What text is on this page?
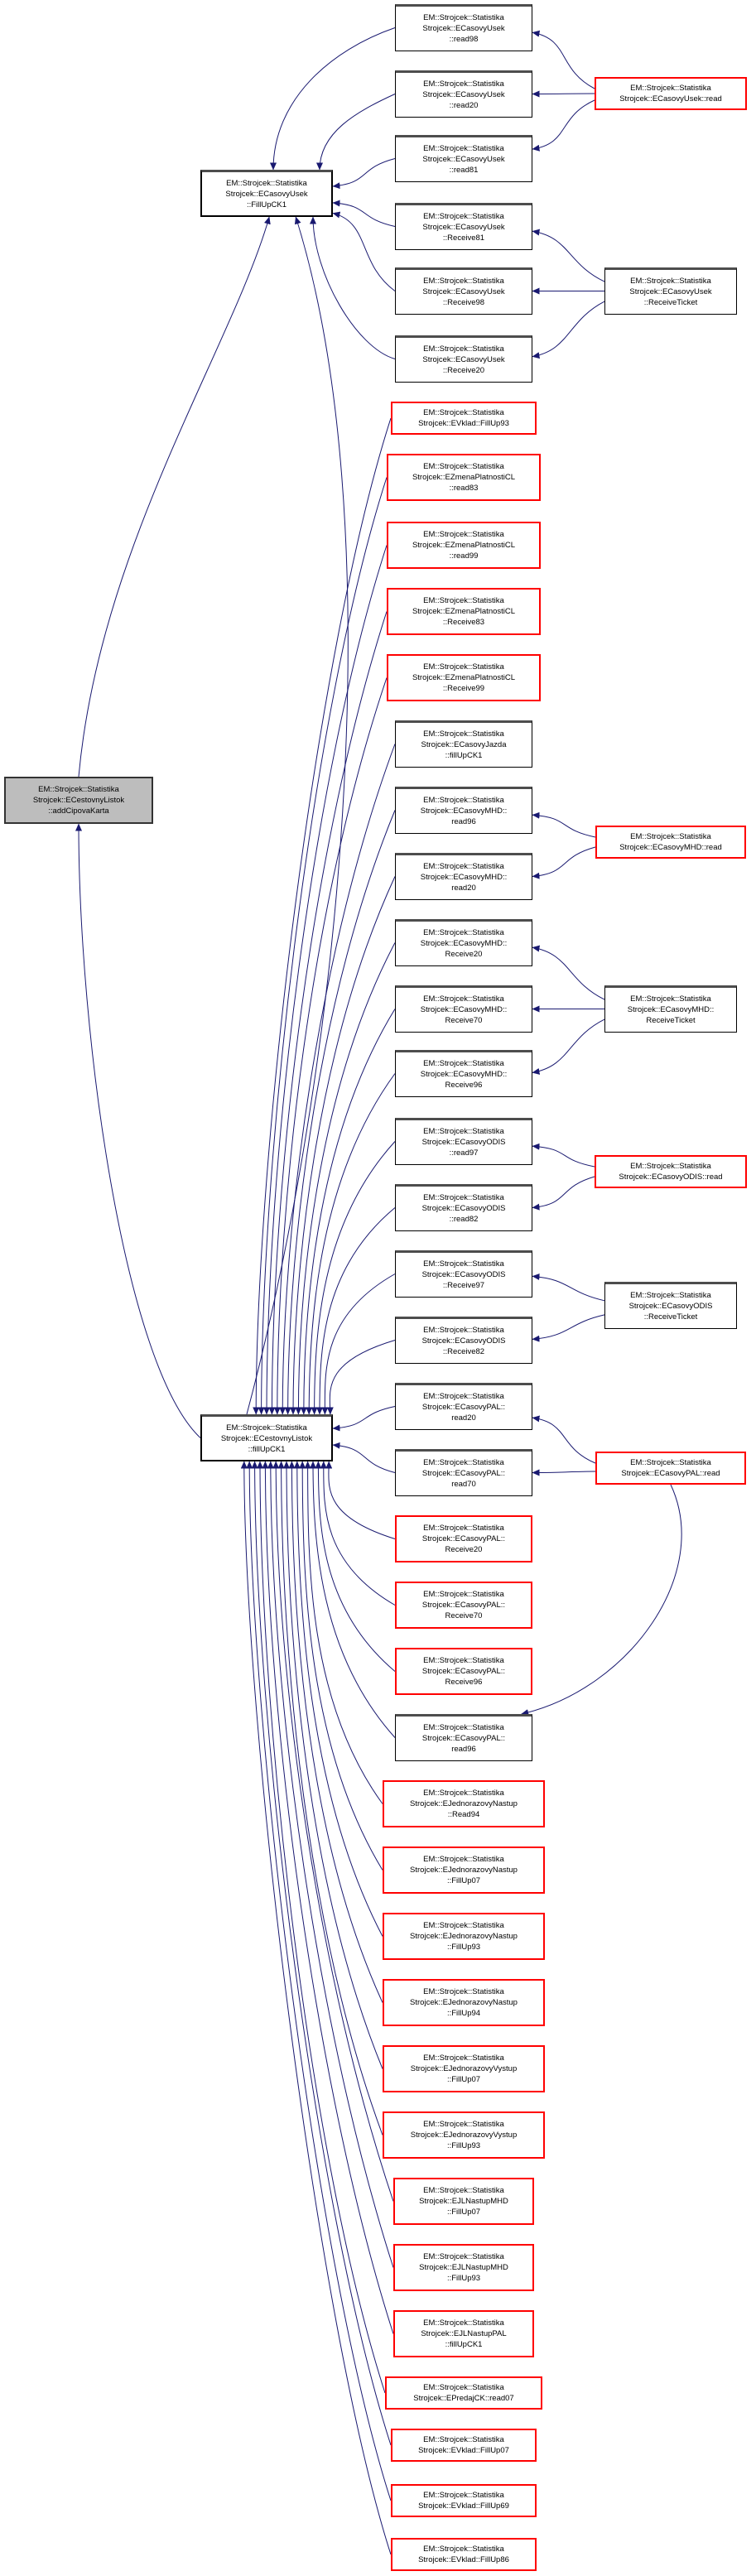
EM::Strojcek::Statistika
Strojcek::ECestovnyListok
::addCipovaKarta
EM::Strojcek::Statistika
Strojcek::ECasovyUsek
::FillUpCK1
EM::Strojcek::Statistika
Strojcek::ECestovnyListok
::fillUpCK1
EM::Strojcek::Statistika
Strojcek::ECasovyUsek
::read98
EM::Strojcek::Statistika
Strojcek::ECasovyUsek
::read20
EM::Strojcek::Statistika
Strojcek::ECasovyUsek
::read81
EM::Strojcek::Statistika
Strojcek::ECasovyUsek
::Receive81
EM::Strojcek::Statistika
Strojcek::ECasovyUsek
::Receive98
EM::Strojcek::Statistika
Strojcek::ECasovyUsek
::Receive20
EM::Strojcek::Statistika
Strojcek::EVklad::FillUp93
EM::Strojcek::Statistika
Strojcek::EZmenaPlatnostiCL
::read83
EM::Strojcek::Statistika
Strojcek::EZmenaPlatnostiCL
::read99
EM::Strojcek::Statistika
Strojcek::EZmenaPlatnostiCL
::Receive83
EM::Strojcek::Statistika
Strojcek::EZmenaPlatnostiCL
::Receive99
EM::Strojcek::Statistika
Strojcek::ECasovyJazda
::fillUpCK1
EM::Strojcek::Statistika
Strojcek::ECasovyMHD::
read96
EM::Strojcek::Statistika
Strojcek::ECasovyMHD::
read20
EM::Strojcek::Statistika
Strojcek::ECasovyMHD::
Receive20
EM::Strojcek::Statistika
Strojcek::ECasovyMHD::
Receive70
EM::Strojcek::Statistika
Strojcek::ECasovyMHD::
Receive96
EM::Strojcek::Statistika
Strojcek::ECasovyODIS
::read97
EM::Strojcek::Statistika
Strojcek::ECasovyODIS
::read82
EM::Strojcek::Statistika
Strojcek::ECasovyODIS
::Receive97
EM::Strojcek::Statistika
Strojcek::ECasovyODIS
::Receive82
EM::Strojcek::Statistika
Strojcek::ECasovyPAL::
read20
EM::Strojcek::Statistika
Strojcek::ECasovyPAL::
read70
EM::Strojcek::Statistika
Strojcek::ECasovyPAL::
Receive20
EM::Strojcek::Statistika
Strojcek::ECasovyPAL::
Receive70
EM::Strojcek::Statistika
Strojcek::ECasovyPAL::
Receive96
EM::Strojcek::Statistika
Strojcek::ECasovyPAL::
read96
EM::Strojcek::Statistika
Strojcek::EJednorazovyNastup
::Read94
EM::Strojcek::Statistika
Strojcek::EJednorazovyNastup
::FillUp07
EM::Strojcek::Statistika
Strojcek::EJednorazovyNastup
::FillUp93
EM::Strojcek::Statistika
Strojcek::EJednorazovyNastup
::FillUp94
EM::Strojcek::Statistika
Strojcek::EJednorazovyVystup
::FillUp07
EM::Strojcek::Statistika
Strojcek::EJednorazovyVystup
::FillUp93
EM::Strojcek::Statistika
Strojcek::EJLNastupMHD
::FillUp07
EM::Strojcek::Statistika
Strojcek::EJLNastupMHD
::FillUp93
EM::Strojcek::Statistika
Strojcek::EJLNastupPAL
::fillUpCK1
EM::Strojcek::Statistika
Strojcek::EPredajCK::read07
EM::Strojcek::Statistika
Strojcek::EVklad::FillUp07
EM::Strojcek::Statistika
Strojcek::EVklad::FillUp69
EM::Strojcek::Statistika
Strojcek::EVklad::FillUp86
EM::Strojcek::Statistika
Strojcek::ECasovyUsek::read
EM::Strojcek::Statistika
Strojcek::ECasovyUsek
::ReceiveTicket
EM::Strojcek::Statistika
Strojcek::ECasovyMHD::read
EM::Strojcek::Statistika
Strojcek::ECasovyMHD::
ReceiveTicket
EM::Strojcek::Statistika
Strojcek::ECasovyODIS::read
EM::Strojcek::Statistika
Strojcek::ECasovyODIS
::ReceiveTicket
EM::Strojcek::Statistika
Strojcek::ECasovyPAL::read
